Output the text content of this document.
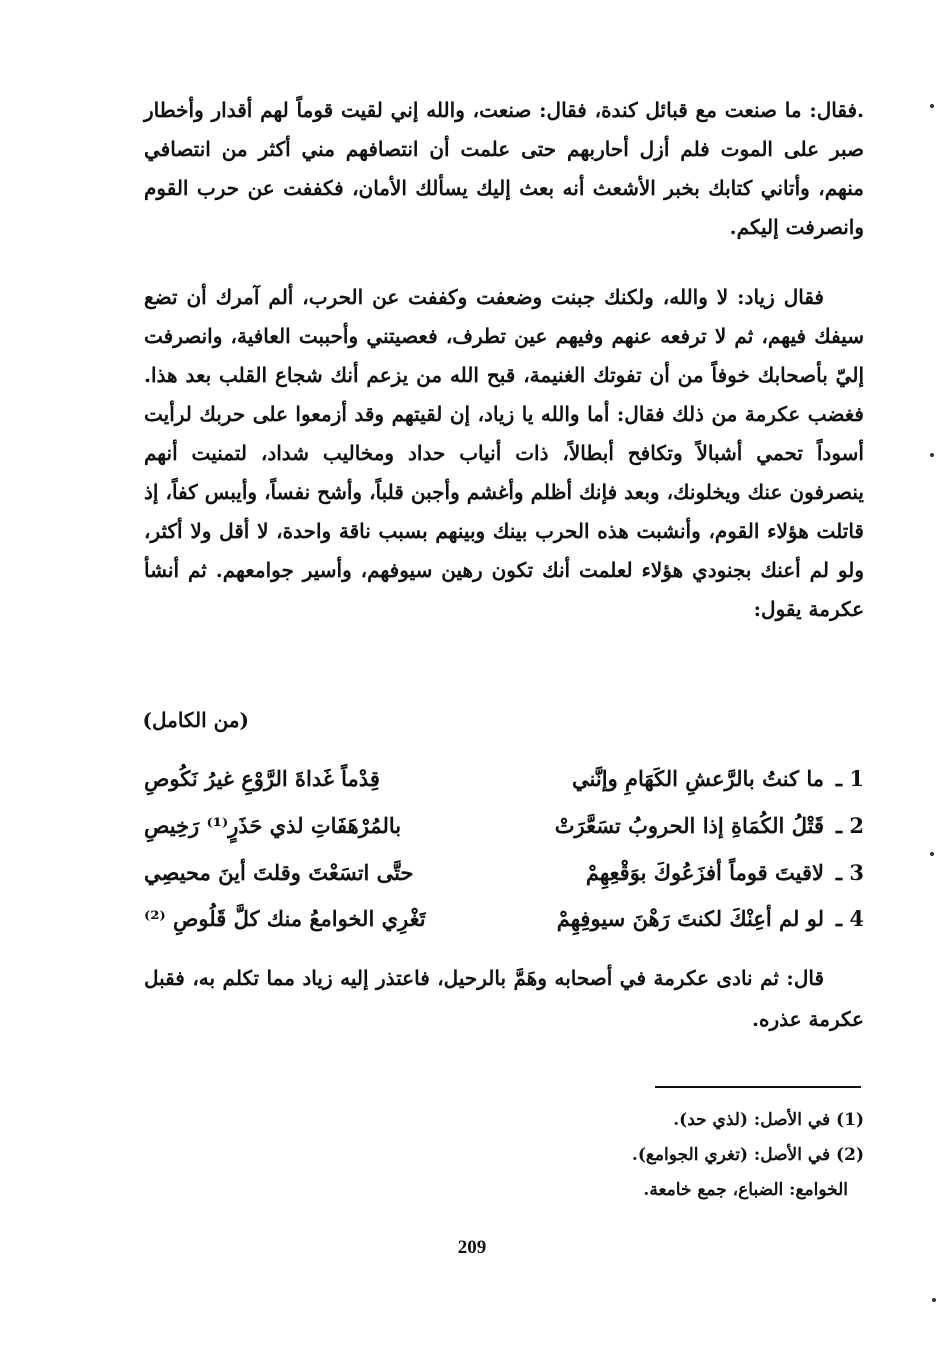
.فقال: ما صنعت مع قبائل كندة، فقال: صنعت، والله إني لقيت قوماً لهم أقدار وأخطار صبر على الموت فلم أزل أحاربهم حتى علمت أن انتصافهم مني أكثر من انتصافي منهم، وأتاني كتابك بخبر الأشعث أنه بعث إليك يسألك الأمان، فكففت عن حرب القوم وانصرفت إليكم.
فقال زياد: لا والله، ولكنك جبنت وضعفت وكففت عن الحرب، ألم آمرك أن تضع سيفك فيهم، ثم لا ترفعه عنهم وفيهم عين تطرف، فعصيتني وأحببت العافية، وانصرفت إليّ بأصحابك خوفاً من أن تفوتك الغنيمة، قبح الله من يزعم أنك شجاع القلب بعد هذا. فغضب عكرمة من ذلك فقال: أما والله يا زياد، إن لقيتهم وقد أزمعوا على حربك لرأيت أسوداً تحمي أشبالاً وتكافح أبطالاً، ذات أنياب حداد ومخاليب شداد، لتمنيت أنهم ينصرفون عنك ويخلونك، وبعد فإنك أظلم وأغشم وأجبن قلباً، وأشح نفساً، وأيبس كفاً، إذ قاتلت هؤلاء القوم، وأنشبت هذه الحرب بينك وبينهم بسبب ناقة واحدة، لا أقل ولا أكثر، ولو لم أعنك بجنودي هؤلاء لعلمت أنك تكون رهين سيوفهم، وأسير جوامعهم. ثم أنشأ عكرمة يقول:
(من الكامل)
1 ـ
ما كنتُ بالرَّعشِ الكَهَامِ وإنَّني
قِدْماً غَداةَ الرَّوْعِ غيرُ نَكُوصِ
2 ـ
قَتْلُ الكُمَاةِ إذا الحروبُ تسَعَّرَتْ
بالمُرْهَفَاتِ لذي حَذَرٍ⁽¹⁾ رَخِيصِ
3 ـ
لاقيتَ قوماً أفزَعُوكَ بوَقْعِهِمْ
حتَّى اتسَعْتَ وقلتَ أينَ محيصِي
4 ـ
لو لم أعِنْكَ لكنتَ رَهْنَ سيوفِهِمْ
تَغْرِي الخوامعُ منك كلَّ قَلُوصِ ⁽²⁾
قال: ثم نادى عكرمة في أصحابه وهَمَّ بالرحيل، فاعتذر إليه زياد مما تكلم به، فقبل عكرمة عذره.
(1) في الأصل: (لذي حد).
(2) في الأصل: (تغري الجوامع).
الخوامع: الضباع، جمع خامعة.
209
